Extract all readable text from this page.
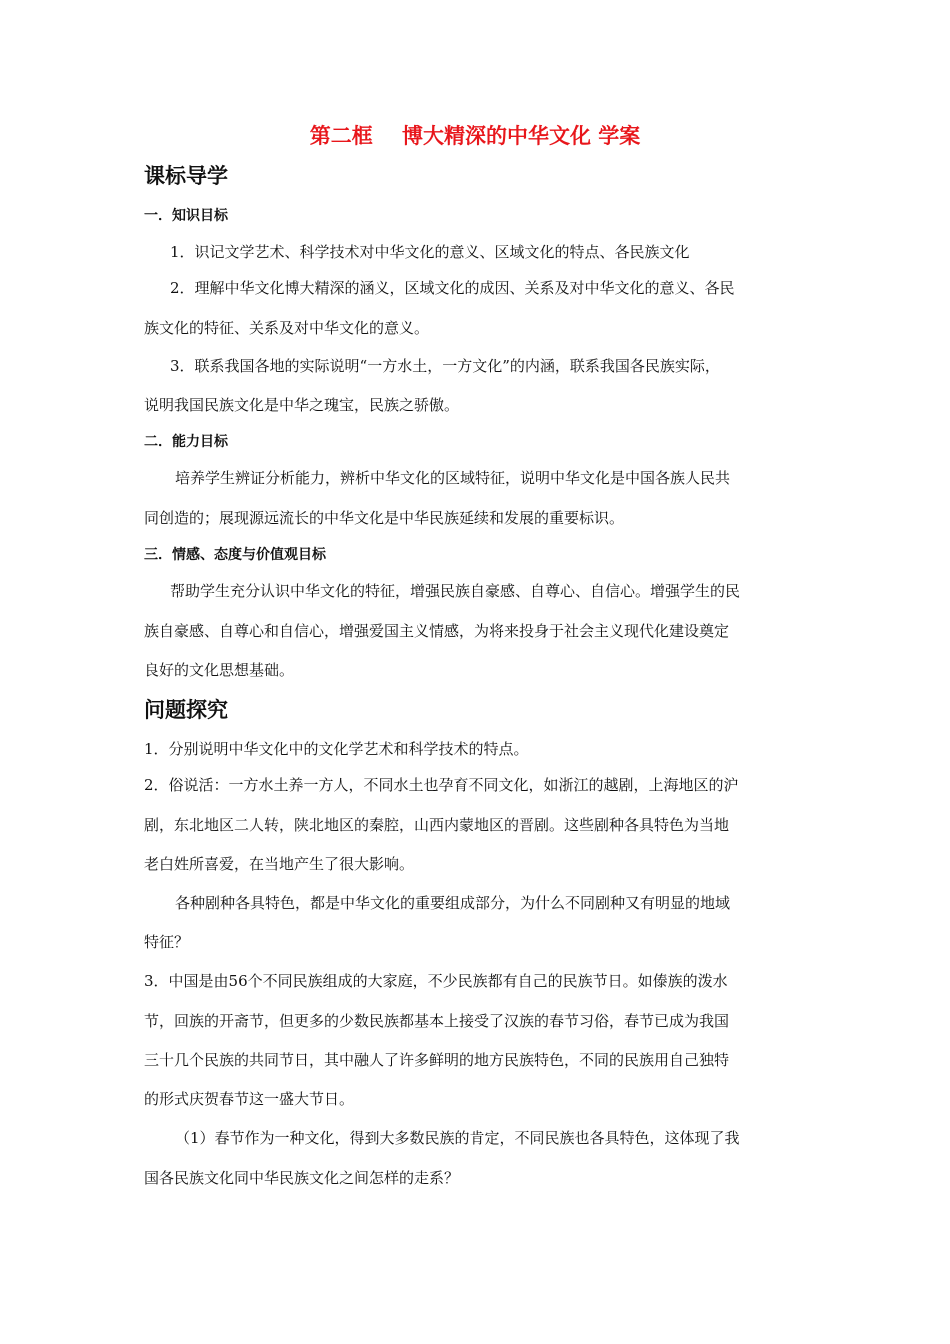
第二框    博大精深的中华文化 学案
课标导学
一．知识目标
1．识记文学艺术、科学技术对中华文化的意义、区域文化的特点、各民族文化
2．理解中华文化博大精深的涵义，区域文化的成因、关系及对中华文化的意义、各民
族文化的特征、关系及对中华文化的意义。
3．联系我国各地的实际说明“一方水土，一方文化”的内涵，联系我国各民族实际，
说明我国民族文化是中华之瑰宝，民族之骄傲。
二．能力目标
培养学生辨证分析能力，辨析中华文化的区域特征，说明中华文化是中国各族人民共
同创造的；展现源远流长的中华文化是中华民族延续和发展的重要标识。
三．情感、态度与价值观目标
帮助学生充分认识中华文化的特征，增强民族自豪感、自尊心、自信心。增强学生的民
族自豪感、自尊心和自信心，增强爱国主义情感，为将来投身于社会主义现代化建设奠定
良好的文化思想基础。
问题探究
1．分别说明中华文化中的文化学艺术和科学技术的特点。
2．俗说活：一方水土养一方人，不同水土也孕育不同文化，如浙江的越剧，上海地区的沪
剧，东北地区二人转，陕北地区的秦腔，山西内蒙地区的晋剧。这些剧种各具特色为当地
老白姓所喜爱，在当地产生了很大影响。
各种剧种各具特色，都是中华文化的重要组成部分，为什么不同剧种又有明显的地域
特征？
3．中国是由56个不同民族组成的大家庭，不少民族都有自己的民族节日。如傣族的泼水
节，回族的开斋节，但更多的少数民族都基本上接受了汉族的春节习俗，春节已成为我国
三十几个民族的共同节日，其中融人了许多鲜明的地方民族特色，不同的民族用自己独特
的形式庆贺春节这一盛大节日。
（1）春节作为一种文化，得到大多数民族的肯定，不同民族也各具特色，这体现了我
国各民族文化同中华民族文化之间怎样的走系？
